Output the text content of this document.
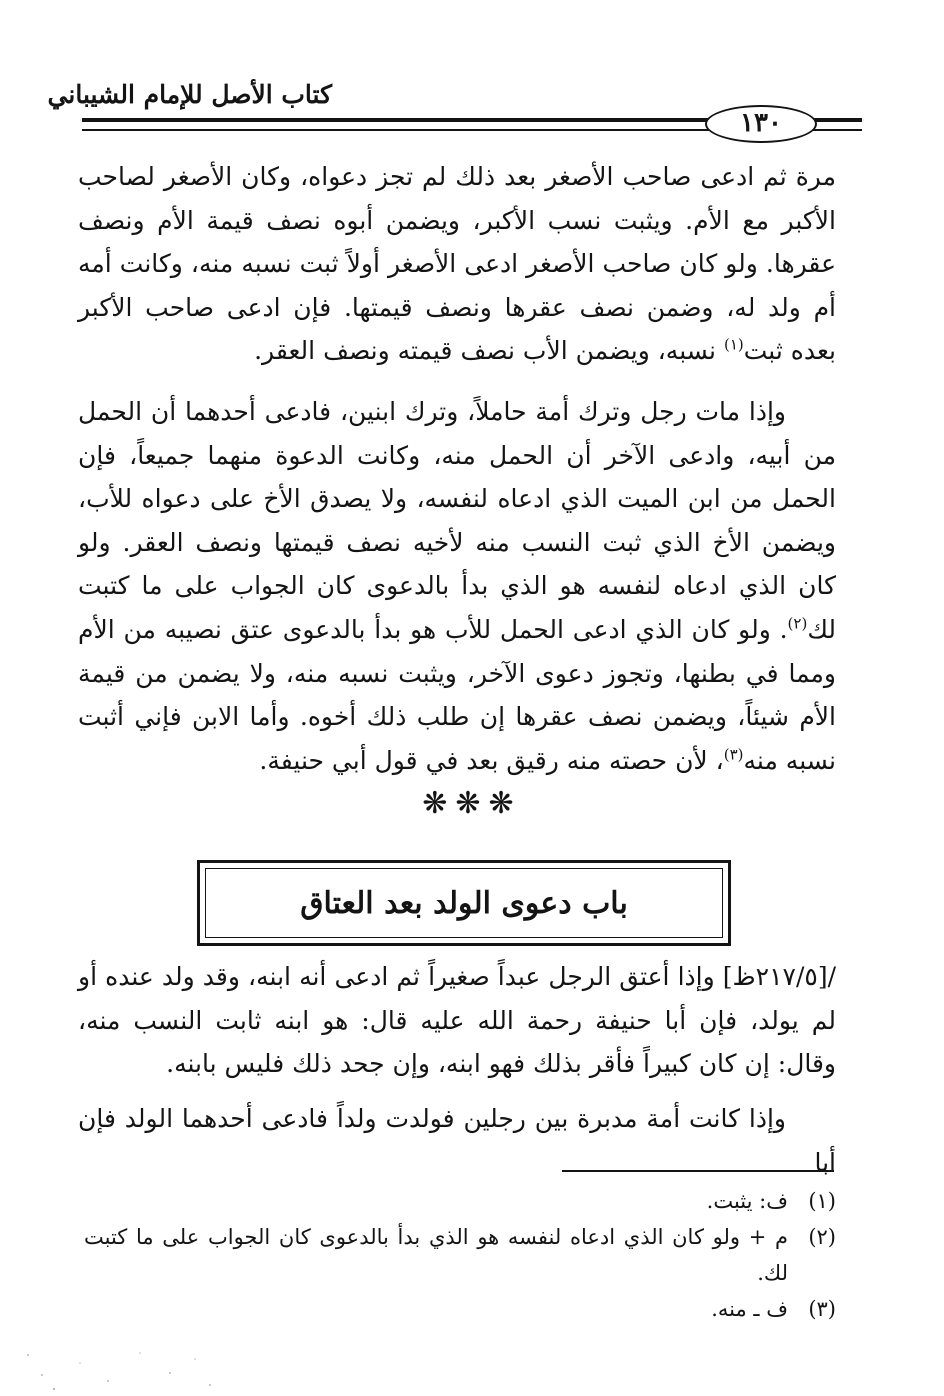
كتاب الأصل للإمام الشيباني
١٣٠

مرة ثم ادعى صاحب الأصغر بعد ذلك لم تجز دعواه، وكان الأصغر لصاحب الأكبر مع الأم. ويثبت نسب الأكبر، ويضمن أبوه نصف قيمة الأم ونصف عقرها. ولو كان صاحب الأصغر ادعى الأصغر أولاً ثبت نسبه منه، وكانت أمه أم ولد له، وضمن نصف عقرها ونصف قيمتها. فإن ادعى صاحب الأكبر بعده ثبت$^{(١)}$ نسبه، ويضمن الأب نصف قيمته ونصف العقر.

وإذا مات رجل وترك أمة حاملاً، وترك ابنين، فادعى أحدهما أن الحمل من أبيه، وادعى الآخر أن الحمل منه، وكانت الدعوة منهما جميعاً، فإن الحمل من ابن الميت الذي ادعاه لنفسه، ولا يصدق الأخ على دعواه للأب، ويضمن الأخ الذي ثبت النسب منه لأخيه نصف قيمتها ونصف العقر. ولو كان الذي ادعاه لنفسه هو الذي بدأ بالدعوى كان الجواب على ما كتبت لك$^{(٢)}$. ولو كان الذي ادعى الحمل للأب هو بدأ بالدعوى عتق نصيبه من الأم ومما في بطنها، وتجوز دعوى الآخر، ويثبت نسبه منه، ولا يضمن من قيمة الأم شيئاً، ويضمن نصف عقرها إن طلب ذلك أخوه. وأما الابن فإني أثبت نسبه منه$^{(٣)}$، لأن حصته منه رقيق بعد في قول أبي حنيفة.

❋❋❋
باب دعوى الولد بعد العتاق

/[٢١٧/٥ظ] وإذا أعتق الرجل عبداً صغيراً ثم ادعى أنه ابنه، وقد ولد عنده أو لم يولد، فإن أبا حنيفة رحمة الله عليه قال: هو ابنه ثابت النسب منه، وقال: إن كان كبيراً فأقر بذلك فهو ابنه، وإن جحد ذلك فليس بابنه.

وإذا كانت أمة مدبرة بين رجلين فولدت ولداً فادعى أحدهما الولد فإن أبا

(١)
ف: يثبت.
(٢)
م + ولو كان الذي ادعاه لنفسه هو الذي بدأ بالدعوى كان الجواب على ما كتبت لك.
(٣)
ف ـ منه.
